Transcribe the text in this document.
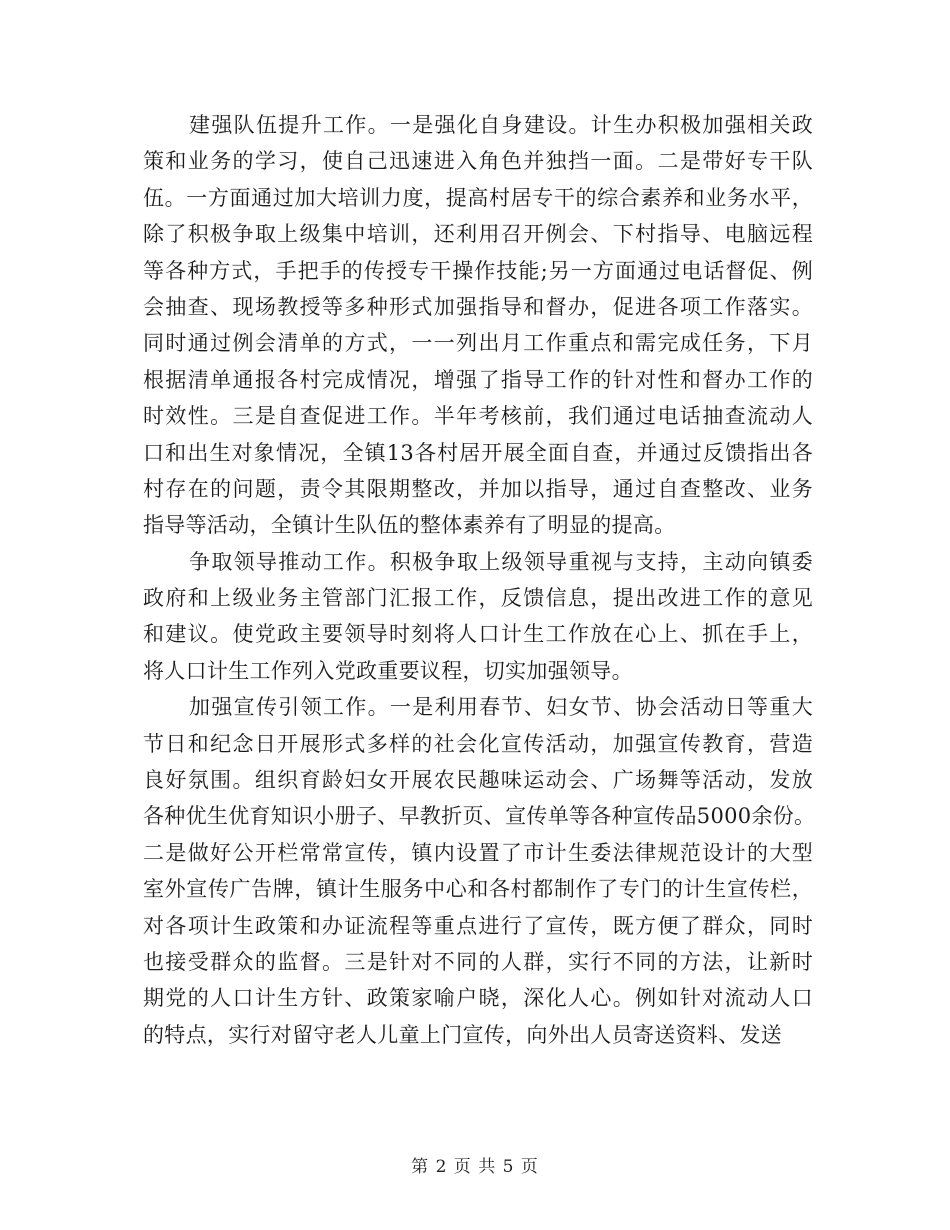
建强队伍提升工作。一是强化自身建设。计生办积极加强相关政
策和业务的学习，使自己迅速进入角色并独挡一面。二是带好专干队
伍。一方面通过加大培训力度，提高村居专干的综合素养和业务水平，
除了积极争取上级集中培训，还利用召开例会、下村指导、电脑远程
等各种方式，手把手的传授专干操作技能;另一方面通过电话督促、例
会抽查、现场教授等多种形式加强指导和督办，促进各项工作落实。
同时通过例会清单的方式，一一列出月工作重点和需完成任务，下月
根据清单通报各村完成情况，增强了指导工作的针对性和督办工作的
时效性。三是自查促进工作。半年考核前，我们通过电话抽查流动人
口和出生对象情况，全镇13各村居开展全面自查，并通过反馈指出各
村存在的问题，责令其限期整改，并加以指导，通过自查整改、业务
指导等活动，全镇计生队伍的整体素养有了明显的提高。
争取领导推动工作。积极争取上级领导重视与支持，主动向镇委
政府和上级业务主管部门汇报工作，反馈信息，提出改进工作的意见
和建议。使党政主要领导时刻将人口计生工作放在心上、抓在手上，
将人口计生工作列入党政重要议程，切实加强领导。
加强宣传引领工作。一是利用春节、妇女节、协会活动日等重大
节日和纪念日开展形式多样的社会化宣传活动，加强宣传教育，营造
良好氛围。组织育龄妇女开展农民趣味运动会、广场舞等活动，发放
各种优生优育知识小册子、早教折页、宣传单等各种宣传品5000余份。
二是做好公开栏常常宣传，镇内设置了市计生委法律规范设计的大型
室外宣传广告牌，镇计生服务中心和各村都制作了专门的计生宣传栏，
对各项计生政策和办证流程等重点进行了宣传，既方便了群众，同时
也接受群众的监督。三是针对不同的人群，实行不同的方法，让新时
期党的人口计生方针、政策家喻户晓，深化人心。例如针对流动人口
的特点，实行对留守老人儿童上门宣传，向外出人员寄送资料、发送
第 2 页 共 5 页
